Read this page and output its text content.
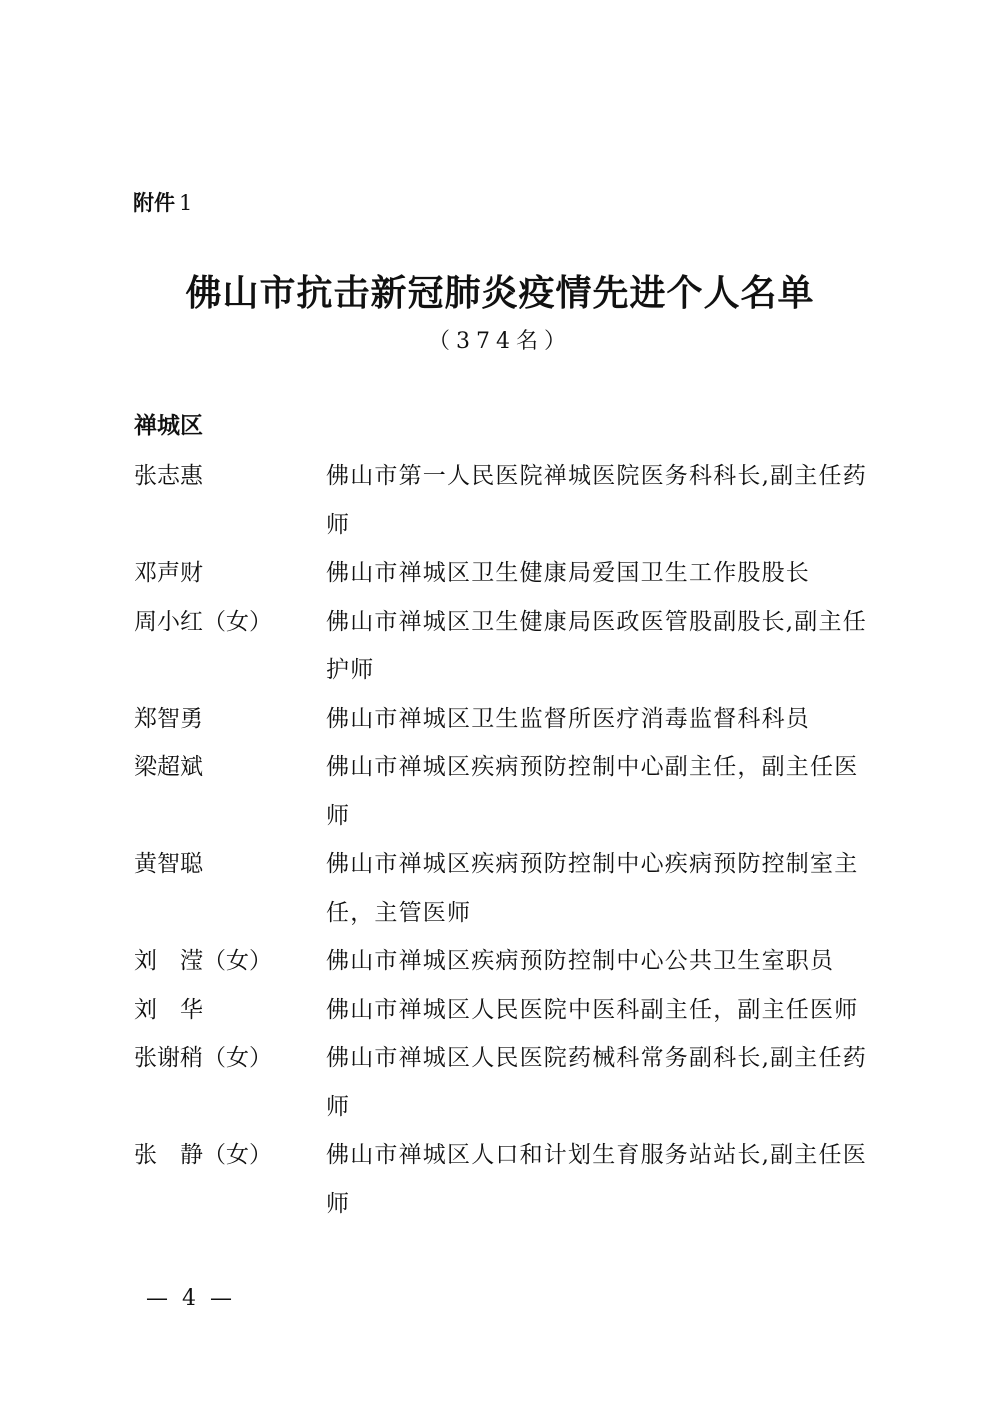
附件 1
佛山市抗击新冠肺炎疫情先进个人名单
（374名）
禅城区
张志惠	佛山市第一人民医院禅城医院医务科科长,副主任药师
邓声财	佛山市禅城区卫生健康局爱国卫生工作股股长
周小红（女）	佛山市禅城区卫生健康局医政医管股副股长,副主任护师
郑智勇	佛山市禅城区卫生监督所医疗消毒监督科科员
梁超斌	佛山市禅城区疾病预防控制中心副主任，副主任医师
黄智聪	佛山市禅城区疾病预防控制中心疾病预防控制室主任，主管医师
刘　滢（女）	佛山市禅城区疾病预防控制中心公共卫生室职员
刘　华	佛山市禅城区人民医院中医科副主任，副主任医师
张谢稍（女）	佛山市禅城区人民医院药械科常务副科长,副主任药师
张　静（女）	佛山市禅城区人口和计划生育服务站站长,副主任医师
—  4  —
